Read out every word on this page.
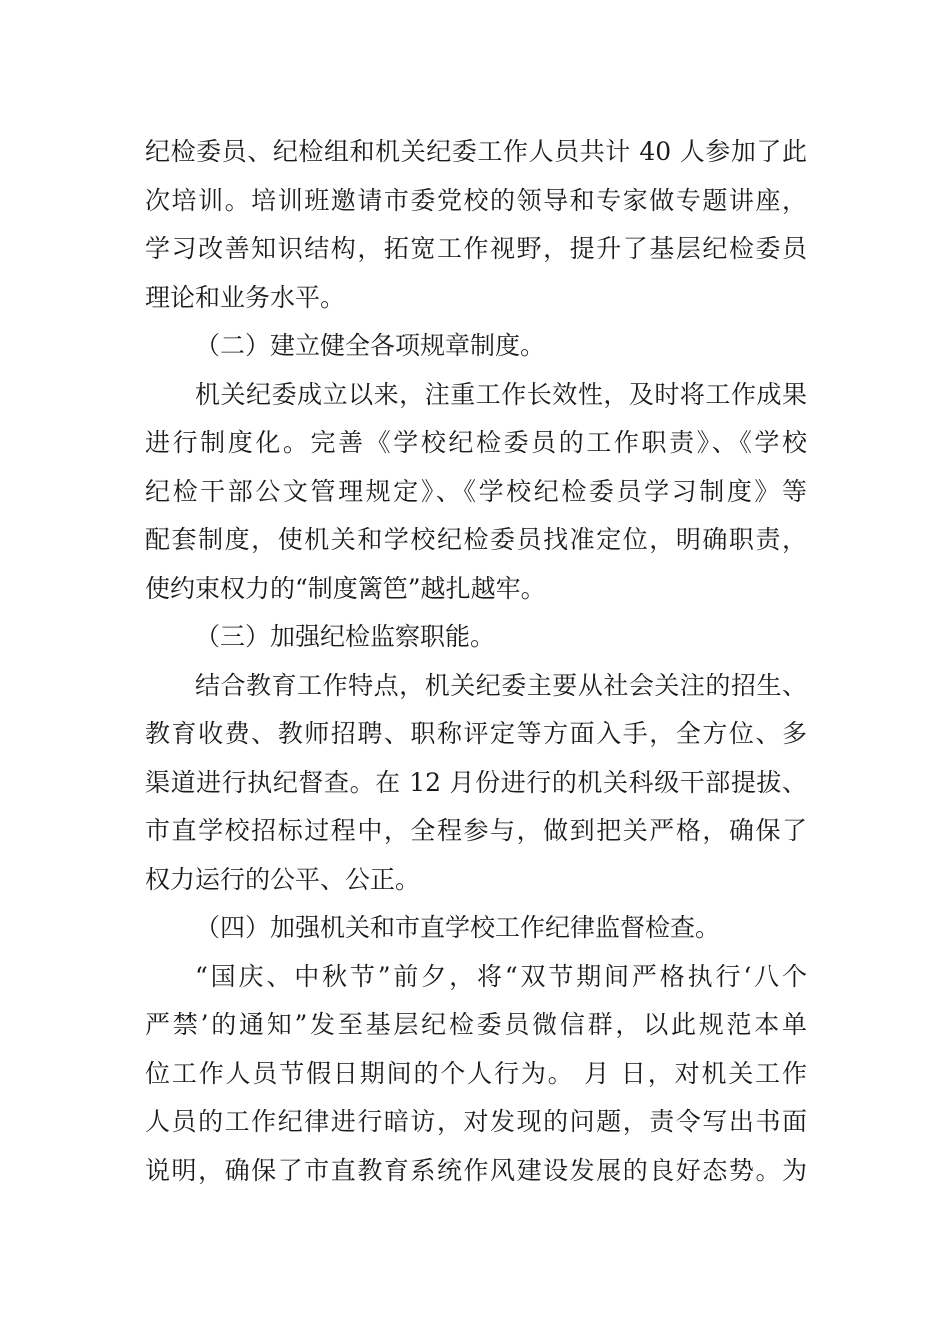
纪检委员、纪检组和机关纪委工作人员共计 40 人参加了此
次培训。培训班邀请市委党校的领导和专家做专题讲座，
学习改善知识结构，拓宽工作视野，提升了基层纪检委员
理论和业务水平。
（二）建立健全各项规章制度。
机关纪委成立以来，注重工作长效性，及时将工作成果
进行制度化。完善《学校纪检委员的工作职责》、《学校
纪检干部公文管理规定》、《学校纪检委员学习制度》等
配套制度，使机关和学校纪检委员找准定位，明确职责，
使约束权力的“制度篱笆”越扎越牢。
（三）加强纪检监察职能。
结合教育工作特点，机关纪委主要从社会关注的招生、
教育收费、教师招聘、职称评定等方面入手，全方位、多
渠道进行执纪督查。在 12 月份进行的机关科级干部提拔、
市直学校招标过程中，全程参与，做到把关严格，确保了
权力运行的公平、公正。
（四）加强机关和市直学校工作纪律监督检查。
“国庆、中秋节”前夕，将“双节期间严格执行‘八个
严禁’的通知”发至基层纪检委员微信群，以此规范本单
位工作人员节假日期间的个人行为。 月 日，对机关工作
人员的工作纪律进行暗访，对发现的问题，责令写出书面
说明，确保了市直教育系统作风建设发展的良好态势。为
